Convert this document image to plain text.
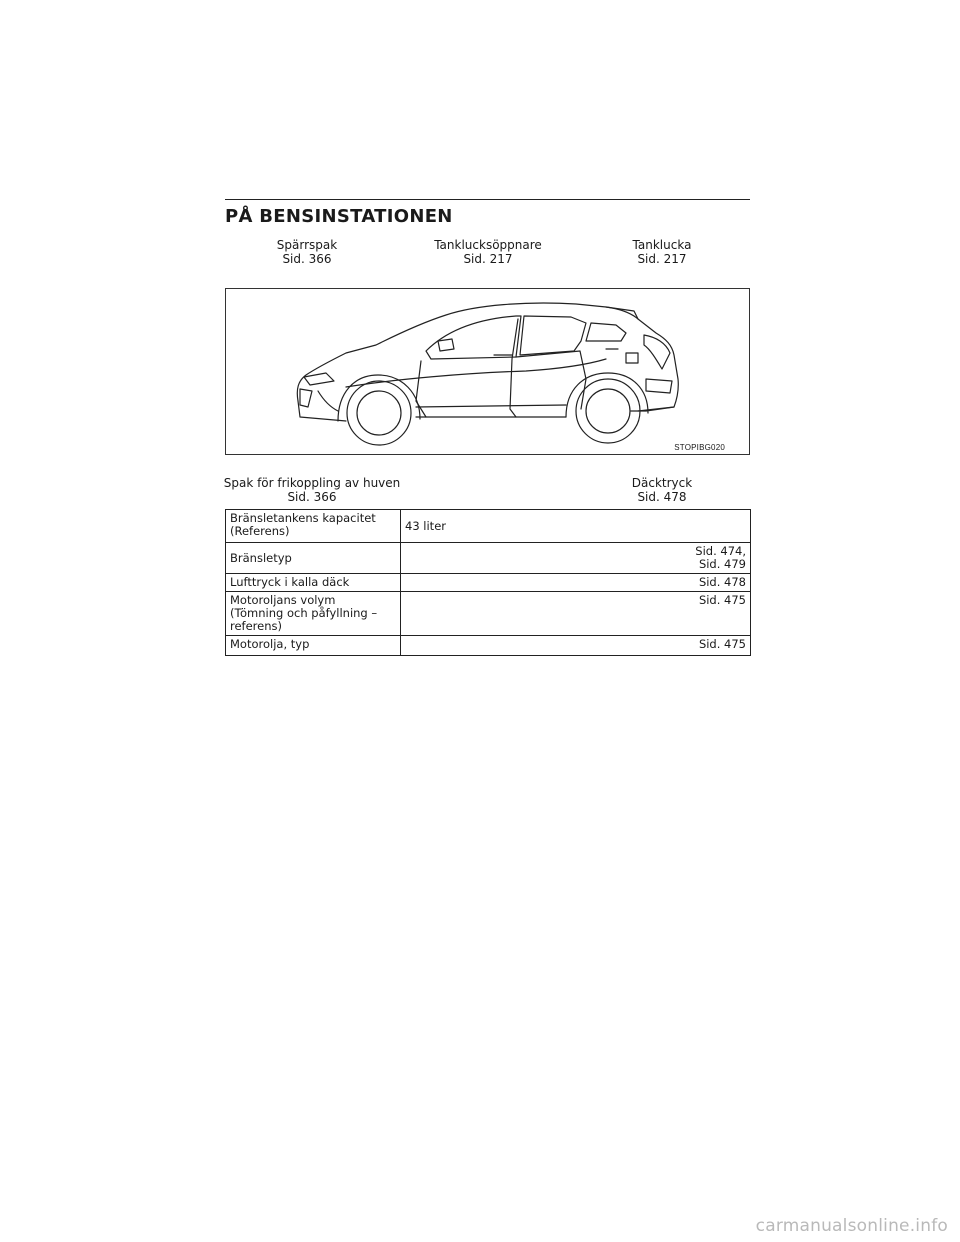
PÅ BENSINSTATIONEN
Spärrspak
Sid. 366
Tanklucksöppnare
Sid. 217
Tanklucka
Sid. 217
STOPIBG020
Spak för frikoppling av huven
Sid. 366
Däcktryck
Sid. 478
Bränsletankens kapacitet
(Referens)	43 liter

Bränsletyp	Sid. 474,
Sid. 479

Lufttryck i kalla däck	Sid. 478

Motoroljans volym
(Tömning och påfyllning –
referens)	Sid. 475

Motorolja, typ	Sid. 475
carmanualsonline.info
